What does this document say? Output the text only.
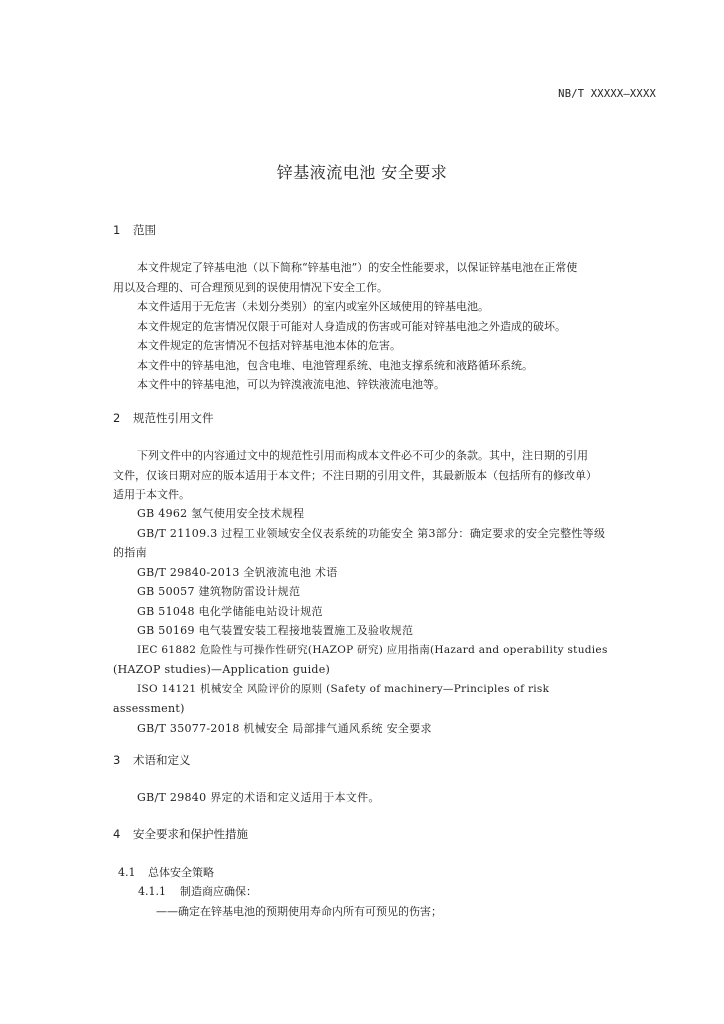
NB/T XXXXX—XXXX
锌基液流电池 安全要求
1 范围
本文件规定了锌基电池（以下简称“锌基电池”）的安全性能要求，以保证锌基电池在正常使
用以及合理的、可合理预见到的误使用情况下安全工作。
本文件适用于无危害（未划分类别）的室内或室外区域使用的锌基电池。
本文件规定的危害情况仅限于可能对人身造成的伤害或可能对锌基电池之外造成的破坏。
本文件规定的危害情况不包括对锌基电池本体的危害。
本文件中的锌基电池，包含电堆、电池管理系统、电池支撑系统和液路循环系统。
本文件中的锌基电池，可以为锌溴液流电池、锌铁液流电池等。
2 规范性引用文件
下列文件中的内容通过文中的规范性引用而构成本文件必不可少的条款。其中，注日期的引用
文件，仅该日期对应的版本适用于本文件；不注日期的引用文件，其最新版本（包括所有的修改单）
适用于本文件。
GB 4962 氢气使用安全技术规程
GB/T 21109.3 过程工业领域安全仪表系统的功能安全 第3部分：确定要求的安全完整性等级
的指南
GB/T 29840-2013 全钒液流电池 术语
GB 50057 建筑物防雷设计规范
GB 51048 电化学储能电站设计规范
GB 50169 电气装置安装工程接地装置施工及验收规范
IEC 61882 危险性与可操作性研究(HAZOP 研究) 应用指南(Hazard and operability studies
(HAZOP studies)—Application guide)
ISO 14121 机械安全 风险评价的原则 (Safety of machinery—Principles of risk
assessment)
GB/T 35077-2018 机械安全 局部排气通风系统 安全要求
3 术语和定义
GB/T 29840 界定的术语和定义适用于本文件。
4 安全要求和保护性措施
4.1 总体安全策略
4.1.1 制造商应确保：
——确定在锌基电池的预期使用寿命内所有可预见的伤害；
